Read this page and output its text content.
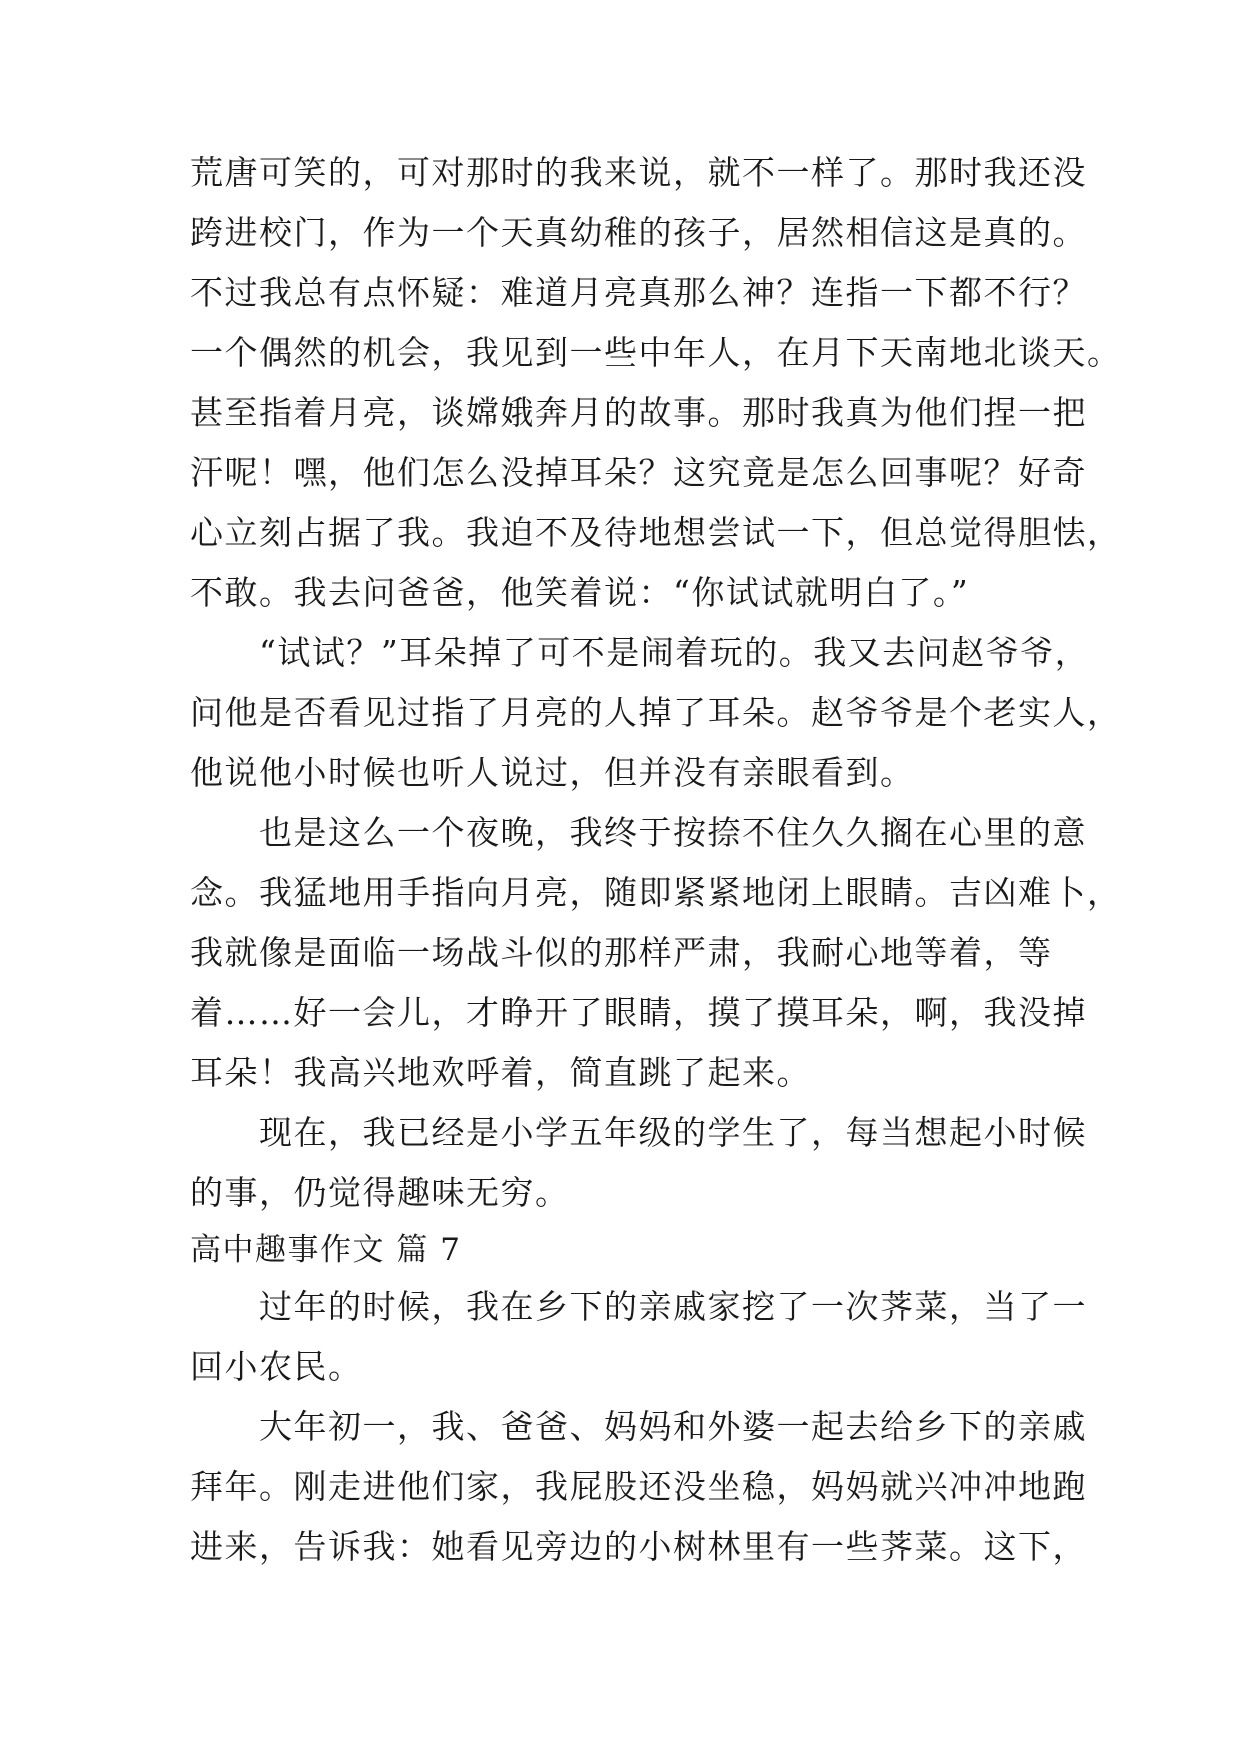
荒唐可笑的，可对那时的我来说，就不一样了。那时我还没
跨进校门，作为一个天真幼稚的孩子，居然相信这是真的。
不过我总有点怀疑：难道月亮真那么神？连指一下都不行？
一个偶然的机会，我见到一些中年人，在月下天南地北谈天。
甚至指着月亮，谈嫦娥奔月的故事。那时我真为他们捏一把
汗呢！嘿，他们怎么没掉耳朵？这究竟是怎么回事呢？好奇
心立刻占据了我。我迫不及待地想尝试一下，但总觉得胆怯，
不敢。我去问爸爸，他笑着说：“你试试就明白了。”
　　“试试？”耳朵掉了可不是闹着玩的。我又去问赵爷爷，
问他是否看见过指了月亮的人掉了耳朵。赵爷爷是个老实人，
他说他小时候也听人说过，但并没有亲眼看到。
　　也是这么一个夜晚，我终于按捺不住久久搁在心里的意
念。我猛地用手指向月亮，随即紧紧地闭上眼睛。吉凶难卜，
我就像是面临一场战斗似的那样严肃，我耐心地等着，等
着……好一会儿，才睁开了眼睛，摸了摸耳朵，啊，我没掉
耳朵！我高兴地欢呼着，简直跳了起来。
　　现在，我已经是小学五年级的学生了，每当想起小时候
的事，仍觉得趣味无穷。
高中趣事作文 篇 7
　　过年的时候，我在乡下的亲戚家挖了一次荠菜，当了一
回小农民。
　　大年初一，我、爸爸、妈妈和外婆一起去给乡下的亲戚
拜年。刚走进他们家，我屁股还没坐稳，妈妈就兴冲冲地跑
进来，告诉我：她看见旁边的小树林里有一些荠菜。这下，
